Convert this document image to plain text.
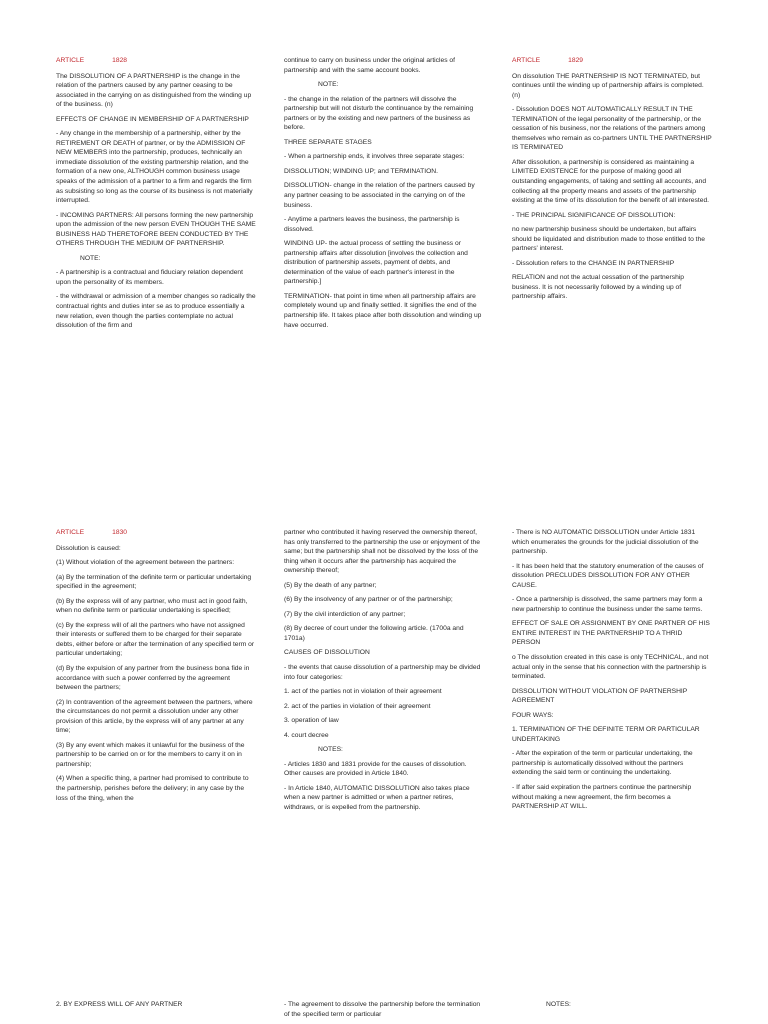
ARTICLE	1828

The DISSOLUTION OF A PARTNERSHIP is the change in the relation of the partners caused by any partner ceasing to be associated in the carrying on as distinguished from the winding up of the business. (n)

EFFECTS OF CHANGE IN MEMBERSHIP OF A PARTNERSHIP

- Any change in the membership of a partnership, either by the RETIREMENT OR DEATH of partner, or by the ADMISSION OF NEW MEMBERS into the partnership, produces, technically an immediate dissolution of the existing partnership relation, and the formation of a new one, ALTHOUGH common business usage speaks of the admission of a partner to a firm and regards the firm as subsisting so long as the course of its business is not materially interrupted.

- INCOMING PARTNERS: All persons forming the new partnership upon the admission of the new person EVEN THOUGH THE SAME BUSINESS HAD THERETOFORE BEEN CONDUCTED BY THE OTHERS THROUGH THE MEDIUM OF PARTNERSHIP.

NOTE:

- A partnership is a contractual and fiduciary relation dependent upon the personality of its members.

- the withdrawal or admission of a member changes so radically the contractual rights and duties inter se as to produce essentially a new relation, even though the parties contemplate no actual dissolution of the firm and

continue to carry on business under the original articles of partnership and with the same account books.

NOTE:

- the change in the relation of the partners will dissolve the partnership but will not disturb the continuance by the remaining partners or by the existing and new partners of the business as before.

THREE SEPARATE STAGES

- When a partnership ends, it involves three separate stages:

DISSOLUTION; WINDING UP; and TERMINATION.

DISSOLUTION- change in the relation of the partners caused by any partner ceasing to be associated in the carrying on of the business.

- Anytime a partners leaves the business, the partnership is dissolved.

WINDING UP- the actual process of settling the business or partnership affairs after dissolution [involves the collection and distribution of partnership assets, payment of debts, and determination of the value of each partner's interest in the partnership.]

TERMINATION- that point in time when all partnership affairs are completely wound up and finally settled. It signifies the end of the partnership life. It takes place after both dissolution and winding up have occurred.

ARTICLE	1829

On dissolution THE PARTNERSHIP IS NOT TERMINATED, but continues until the winding up of partnership affairs is completed. (n)

- Dissolution DOES NOT AUTOMATICALLY RESULT IN THE TERMINATION of the legal personality of the partnership, or the cessation of his business, nor the relations of the partners among themselves who remain as co-partners UNTIL THE PARTNERSHIP IS TERMINATED

After dissolution, a partnership is considered as maintaining a LIMITED EXISTENCE for the purpose of making good all outstanding engagements, of taking and settling all accounts, and collecting all the property means and assets of the partnership existing at the time of its dissolution for the benefit of all interested.

- THE PRINCIPAL SIGNIFICANCE OF DISSOLUTION:

no new partnership business should be undertaken, but affairs should be liquidated and distribution made to those entitled to the partners' interest.

- Dissolution refers to the CHANGE IN PARTNERSHIP

RELATION and not the actual cessation of the partnership business. It is not necessarily followed by a winding up of partnership affairs.

ARTICLE	1830

Dissolution is caused:

(1) Without violation of the agreement between the partners:

(a) By the termination of the definite term or particular undertaking specified in the agreement;

(b) By the express will of any partner, who must act in good faith, when no definite term or particular undertaking is specified;

(c) By the express will of all the partners who have not assigned their interests or suffered them to be charged for their separate debts, either before or after the termination of any specified term or particular undertaking;

(d) By the expulsion of any partner from the business bona fide in accordance with such a power conferred by the agreement between the partners;

(2) In contravention of the agreement between the partners, where the circumstances do not permit a dissolution under any other provision of this article, by the express will of any partner at any time;

(3) By any event which makes it unlawful for the business of the partnership to be carried on or for the members to carry it on in partnership;

(4) When a specific thing, a partner had promised to contribute to the partnership, perishes before the delivery; in any case by the loss of the thing, when the

partner who contributed it having reserved the ownership thereof, has only transferred to the partnership the use or enjoyment of the same; but the partnership shall not be dissolved by the loss of the thing when it occurs after the partnership has acquired the ownership thereof;

(5) By the death of any partner;

(6) By the insolvency of any partner or of the partnership;

(7) By the civil interdiction of any partner;

(8) By decree of court under the following article. (1700a and 1701a)

CAUSES OF DISSOLUTION

- the events that cause dissolution of a partnership may be divided into four categories:

1. act of the parties not in violation of their agreement

2. act of the parties in violation of their agreement

3. operation of law

4. court decree

NOTES:

- Articles 1830 and 1831 provide for the causes of dissolution. Other causes are provided in Article 1840.

- In Article 1840, AUTOMATIC DISSOLUTION also takes place when a new partner is admitted or when a partner retires, withdraws, or is expelled from the partnership.

- There is NO AUTOMATIC DISSOLUTION under Article 1831 which enumerates the grounds for the judicial dissolution of the partnership.

- It has been held that the statutory enumeration of the causes of dissolution PRECLUDES DISSOLUTION FOR ANY OTHER CAUSE.

- Once a partnership is dissolved, the same partners may form a new partnership to continue the business under the same terms.

EFFECT OF SALE OR ASSIGNMENT BY ONE PARTNER OF HIS ENTIRE INTEREST IN THE PARTNERSHIP TO A THRID PERSON

o The dissolution created in this case is only TECHNICAL, and not actual only in the sense that his connection with the partnership is terminated.

DISSOLUTION WITHOUT VIOLATION OF PARTNERSHIP AGREEMENT

FOUR WAYS:

1. TERMINATION OF THE DEFINITE TERM OR PARTICULAR UNDERTAKING

- After the expiration of the term or particular undertaking, the partnership is automatically dissolved without the partners extending the said term or continuing the undertaking.

- If after said expiration the partners continue the partnership without making a new agreement, the firm becomes a PARTNERSHIP AT WILL.

2. BY EXPRESS WILL OF ANY PARTNER	- The agreement to dissolve the partnership before the termination of the specified term or particular

NOTES:
